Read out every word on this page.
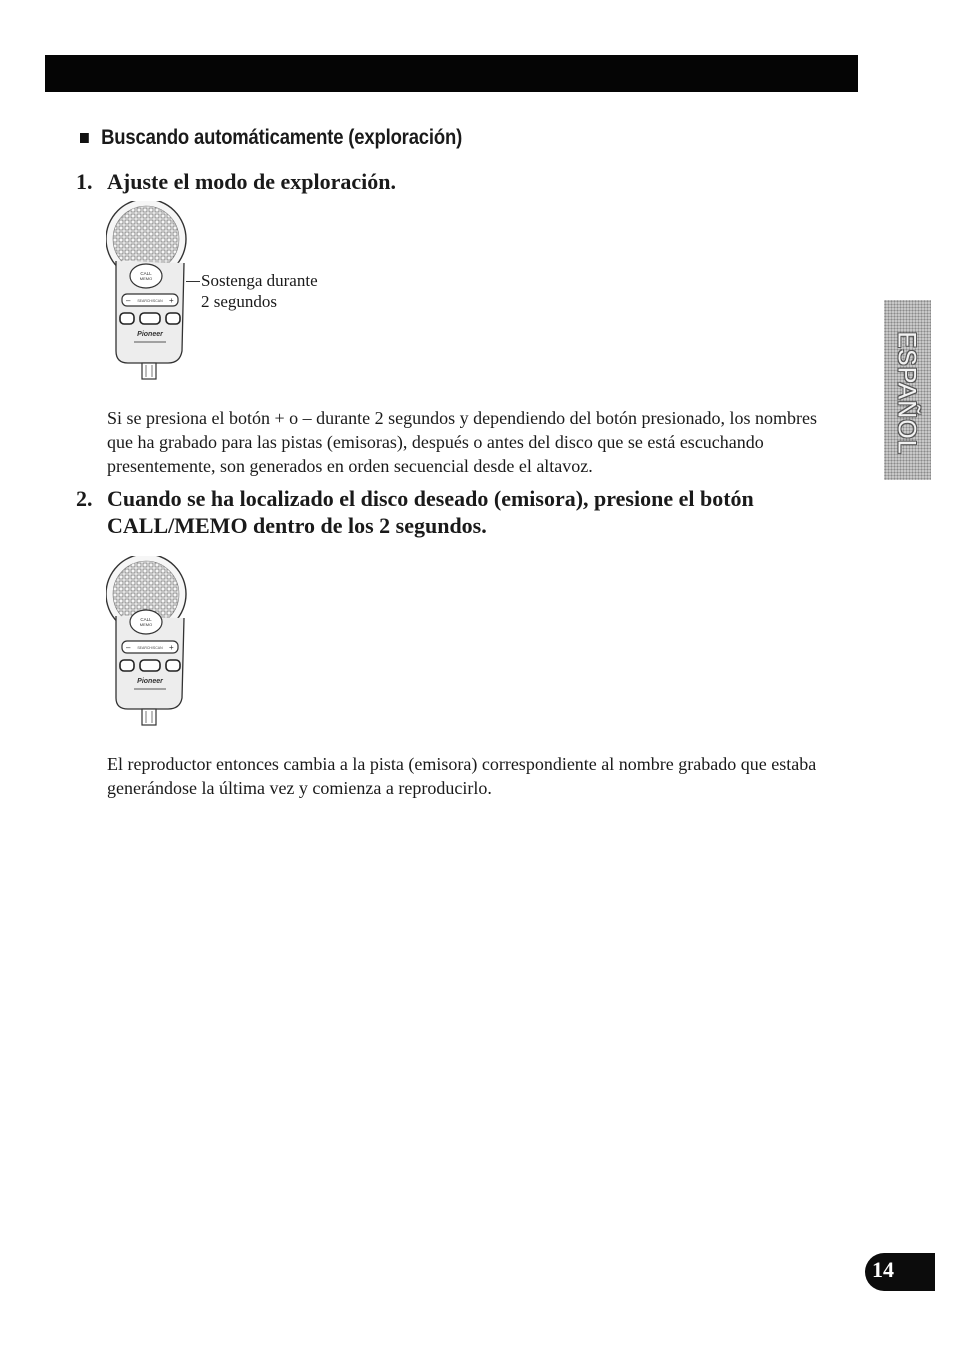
Buscando automáticamente (exploración)
1. Ajuste el modo de exploración.
CALL
MEMO
–	+
SEARCH/SCAN
Pioneer
Sostenga durante
2 segundos

Si se presiona el botón + o – durante 2 segundos y dependiendo del botón presionado, los nombres que ha grabado para las pistas (emisoras), después o antes del disco que se está escuchando presentemente, son generados en orden secuencial desde el altavoz.

2. Cuando se ha localizado el disco deseado (emisora), presione el botón
CALL/MEMO dentro de los 2 segundos.
CALL
MEMO
–	+
SEARCH/SCAN
Pioneer

El reproductor entonces cambia a la pista (emisora) correspondiente al nombre grabado que estaba generándose la última vez y comienza a reproducirlo.

ESPAÑOL
14
